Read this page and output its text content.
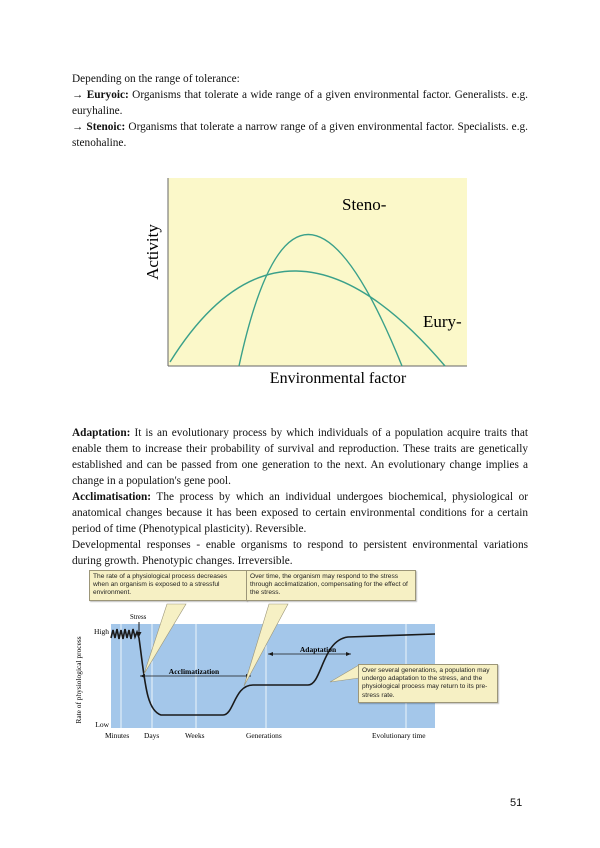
Depending on the range of tolerance:

→ Euryoic: Organisms that tolerate a wide range of a given environmental factor. Generalists. e.g. euryhaline.

→ Stenoic: Organisms that tolerate a narrow range of a given environmental factor. Specialists. e.g. stenohaline.

Steno-
Eury-
Activity
Environmental factor

Adaptation: It is an evolutionary process by which individuals of a population acquire traits that enable them to increase their probability of survival and reproduction. These traits are genetically established and can be passed from one generation to the next. An evolutionary change implies a change in a population's gene pool.

Acclimatisation: The process by which an individual undergoes biochemical, physiological or anatomical changes because it has been exposed to certain environmental conditions for a certain period of time (Phenotypical plasticity). Reversible.

Developmental responses - enable organisms to respond to persistent environmental variations during growth. Phenotypic changes. Irreversible.

Stress
Acclimatization
Adaptation
High
Low
Rate of physiological process
Minutes Days	Weeks	Generations	Evolutionary time
The rate of a physiological process decreases when an organism is exposed to a stressful environment.
Over time, the organism may respond to the stress through acclimatization, compensating for the effect of the stress.
Over several generations, a population may undergo adaptation to the stress, and the physiological process may return to its pre-stress rate.
51
